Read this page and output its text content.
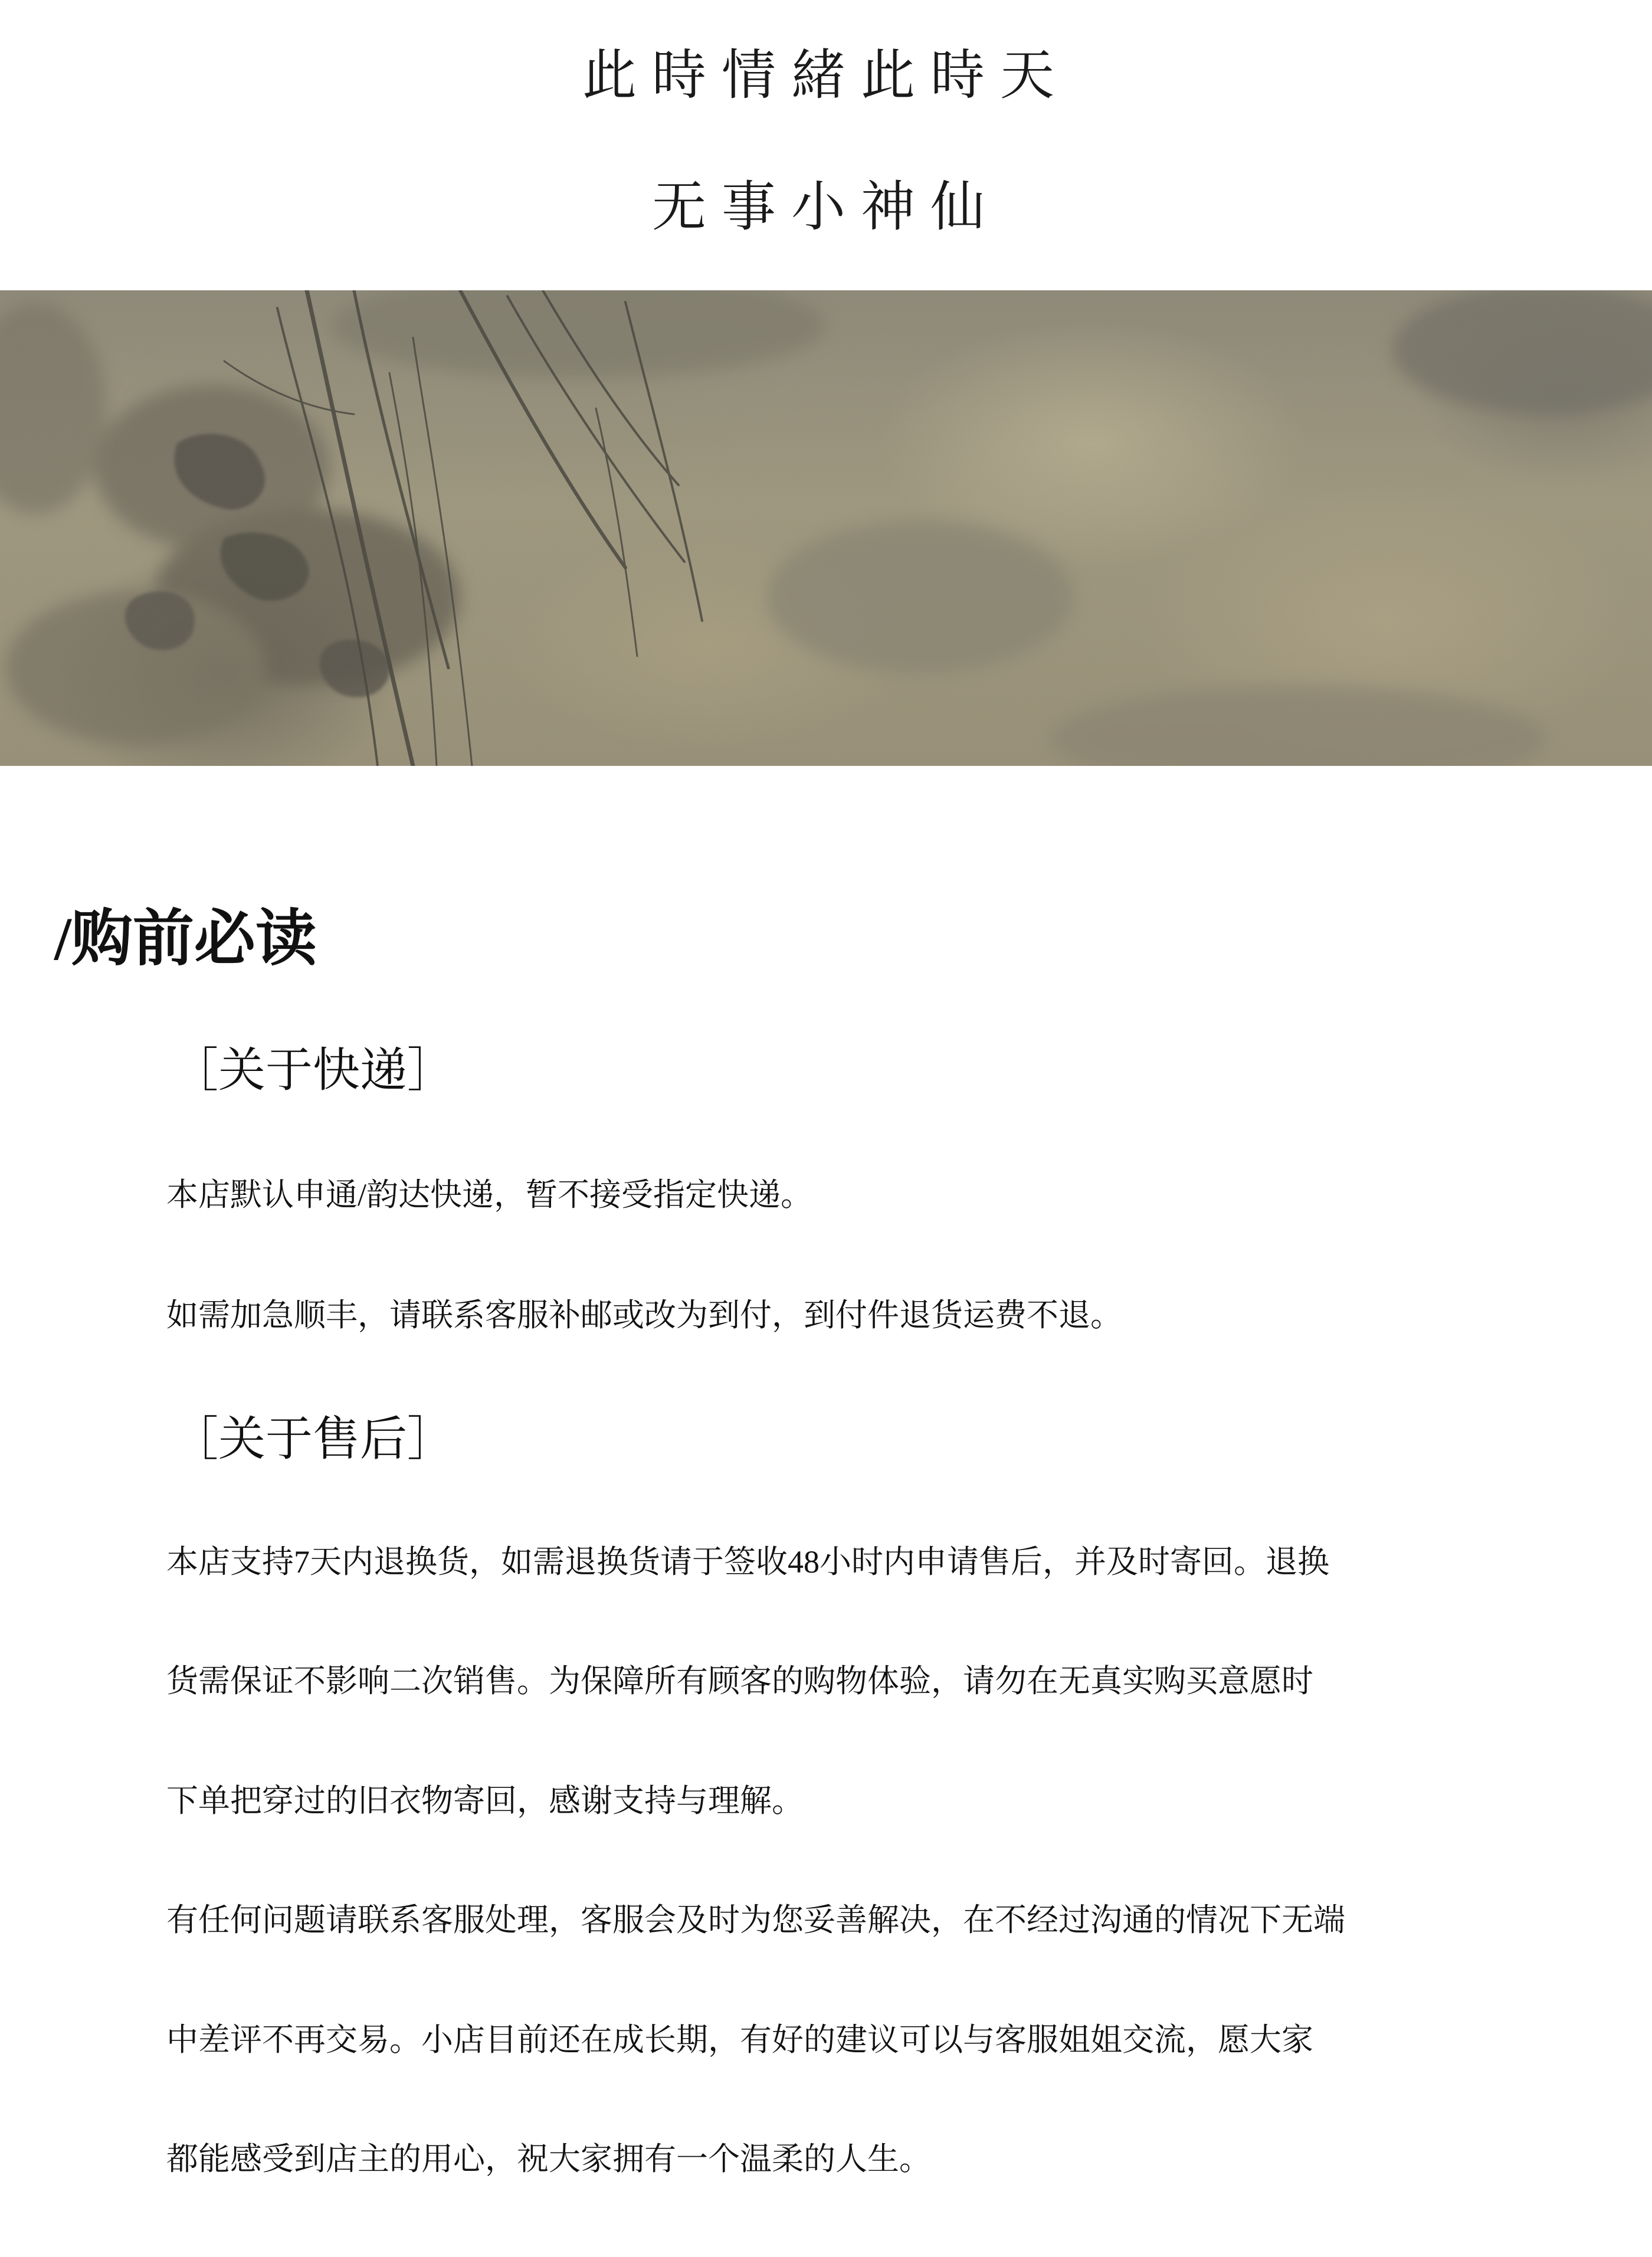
此時情緒此時天
无事小神仙
/购前必读
［关于快递］
本店默认申通/韵达快递，暂不接受指定快递。
如需加急顺丰，请联系客服补邮或改为到付，到付件退货运费不退。
［关于售后］
本店支持7天内退换货，如需退换货请于签收48小时内申请售后，并及时寄回。退换
货需保证不影响二次销售。为保障所有顾客的购物体验，请勿在无真实购买意愿时
下单把穿过的旧衣物寄回，感谢支持与理解。
有任何问题请联系客服处理，客服会及时为您妥善解决，在不经过沟通的情况下无端
中差评不再交易。小店目前还在成长期，有好的建议可以与客服姐姐交流，愿大家
都能感受到店主的用心，祝大家拥有一个温柔的人生。
